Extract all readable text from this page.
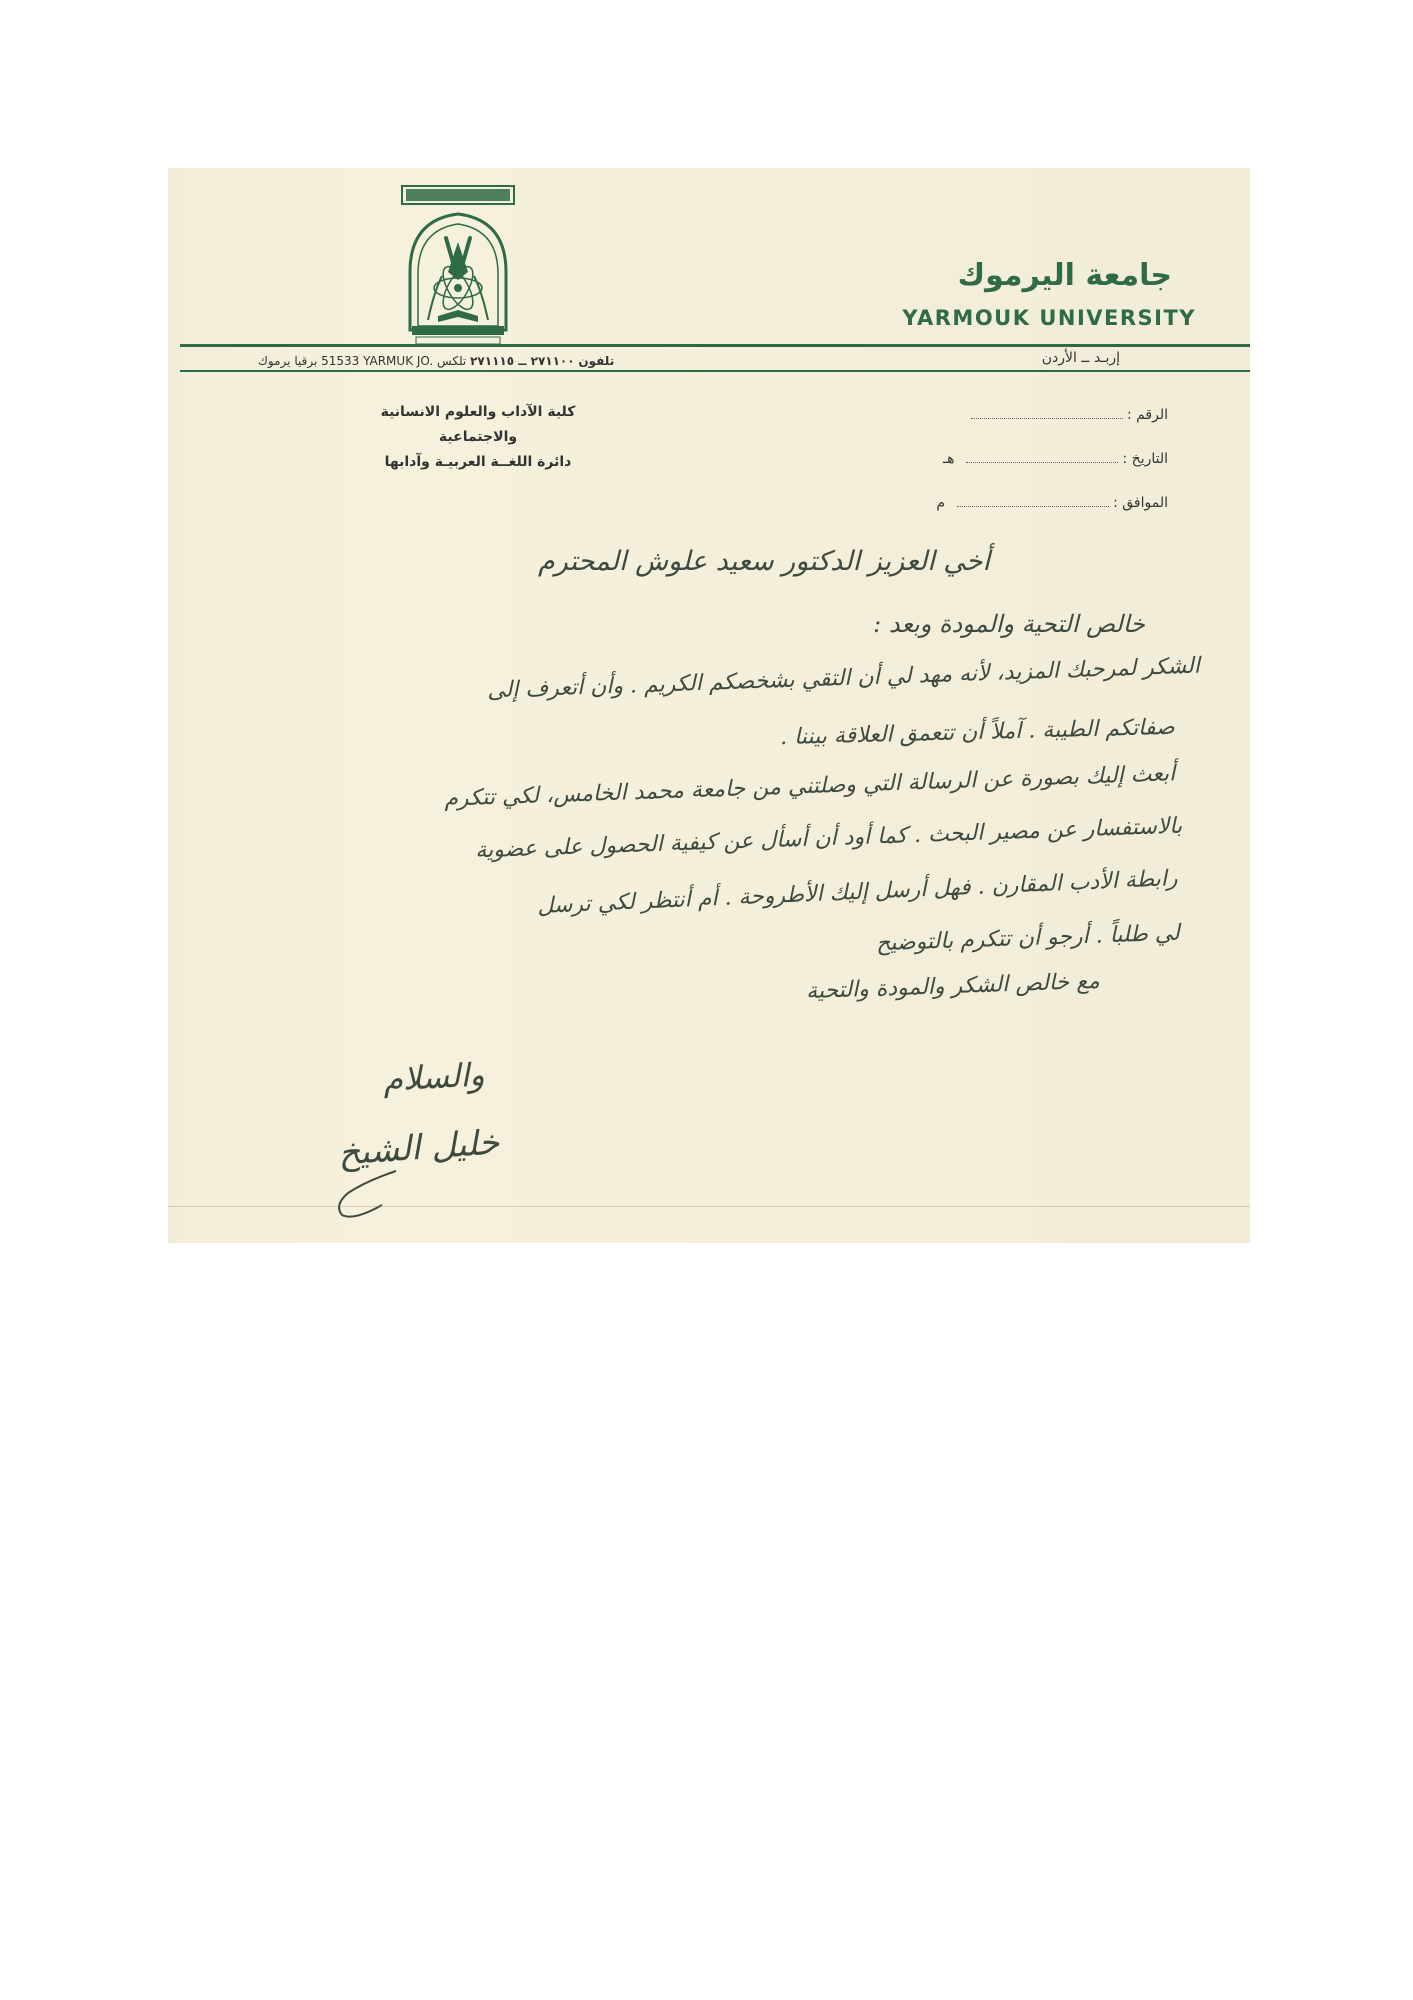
جامعة اليرموك
YARMOUK UNIVERSITY
تلفون ٢٧١١٠٠ ــ ٢٧١١١٥ تلكس 51533 YARMUK JO. برقيا يرموك	إربـد ــ الأردن
كلية الآداب والعلوم الانسانية والاجتماعية
دائرة اللغــة العربيـة وآدابها
الرقم :
التاريخ :
هـ
الموافق :
م
أخي العزيز الدكتور سعيد علوش المحترم
خالص التحية والمودة وبعد :
الشكر لمرحبك المزيد، لأنه مهد لي أن التقي بشخصكم الكريم . وأن أتعرف إلى
صفاتكم الطيبة . آملاً أن تتعمق العلاقة بيننا .
أبعث إليك بصورة عن الرسالة التي وصلتني من جامعة محمد الخامس، لكي تتكرم
بالاستفسار عن مصير البحث . كما أود أن أسأل عن كيفية الحصول على عضوية
رابطة الأدب المقارن . فهل أرسل إليك الأطروحة . أم أنتظر لكي ترسل
لي طلباً . أرجو أن تتكرم بالتوضيح
مع خالص الشكر والمودة والتحية
والسلام
خليل الشيخ
